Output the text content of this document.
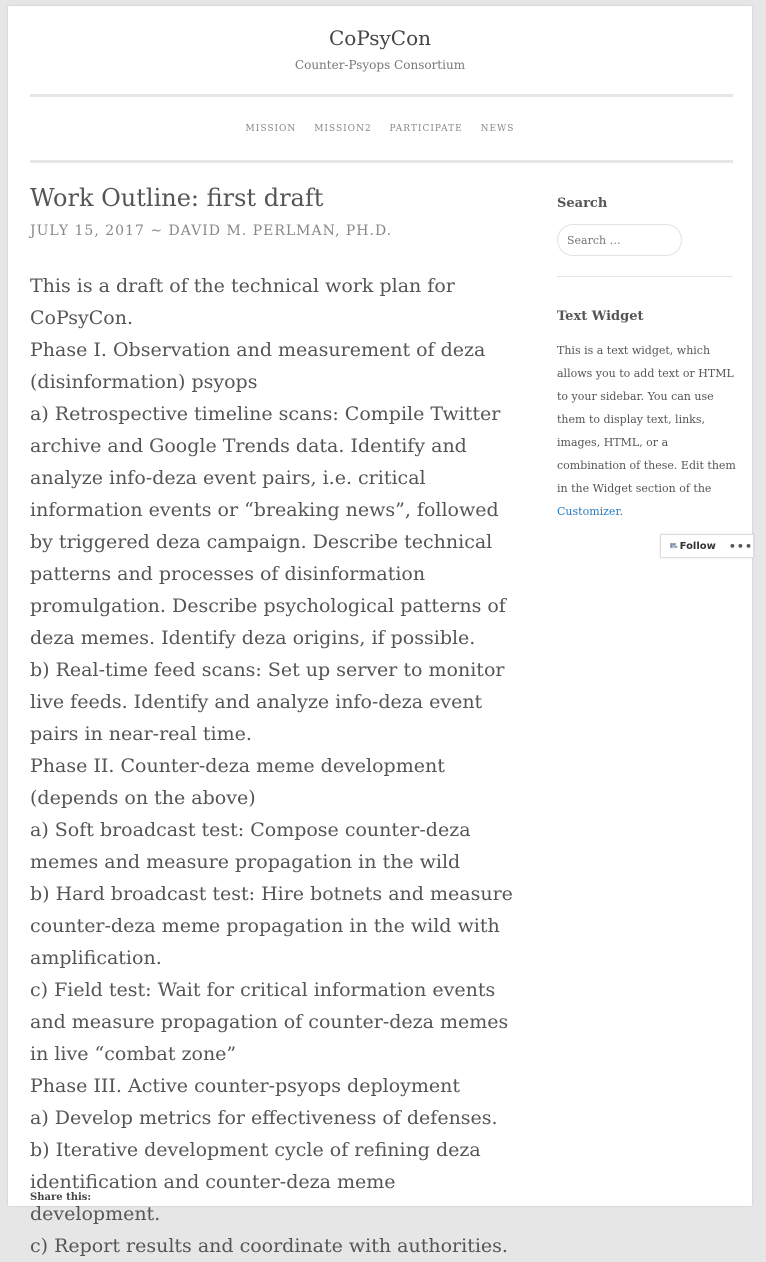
CoPsyCon
Counter-Psyops Consortium
MISSION MISSION2 PARTICIPATE NEWS
Work Outline: first draft
JULY 15, 2017 ~ DAVID M. PERLMAN, PH.D.

This is a draft of the technical work plan for CoPsyCon.

Phase I. Observation and measurement of deza (disinformation) psyops

a) Retrospective timeline scans: Compile Twitter archive and Google Trends data. Identify and analyze info-deza event pairs, i.e. critical information events or “breaking news”, followed by triggered deza campaign. Describe technical patterns and processes of disinformation promulgation. Describe psychological patterns of deza memes. Identify deza origins, if possible.

b) Real-time feed scans: Set up server to monitor live feeds. Identify and analyze info-deza event pairs in near-real time.

Phase II. Counter-deza meme development (depends on the above)

a) Soft broadcast test: Compose counter-deza memes and measure propagation in the wild

b) Hard broadcast test: Hire botnets and measure counter-deza meme propagation in the wild with amplification.

c) Field test: Wait for critical information events and measure propagation of counter-deza memes in live “combat zone”

Phase III. Active counter-psyops deployment

a) Develop metrics for effectiveness of defenses.

b) Iterative development cycle of refining deza identification and counter-deza meme development.

c) Report results and coordinate with authorities.

Share this:
Search
Search …
Text Widget
This is a text widget, which allows you to add text or HTML to your sidebar. You can use them to display text, links, images, HTML, or a combination of these. Edit them in the Widget section of the Customizer.
Follow •••
